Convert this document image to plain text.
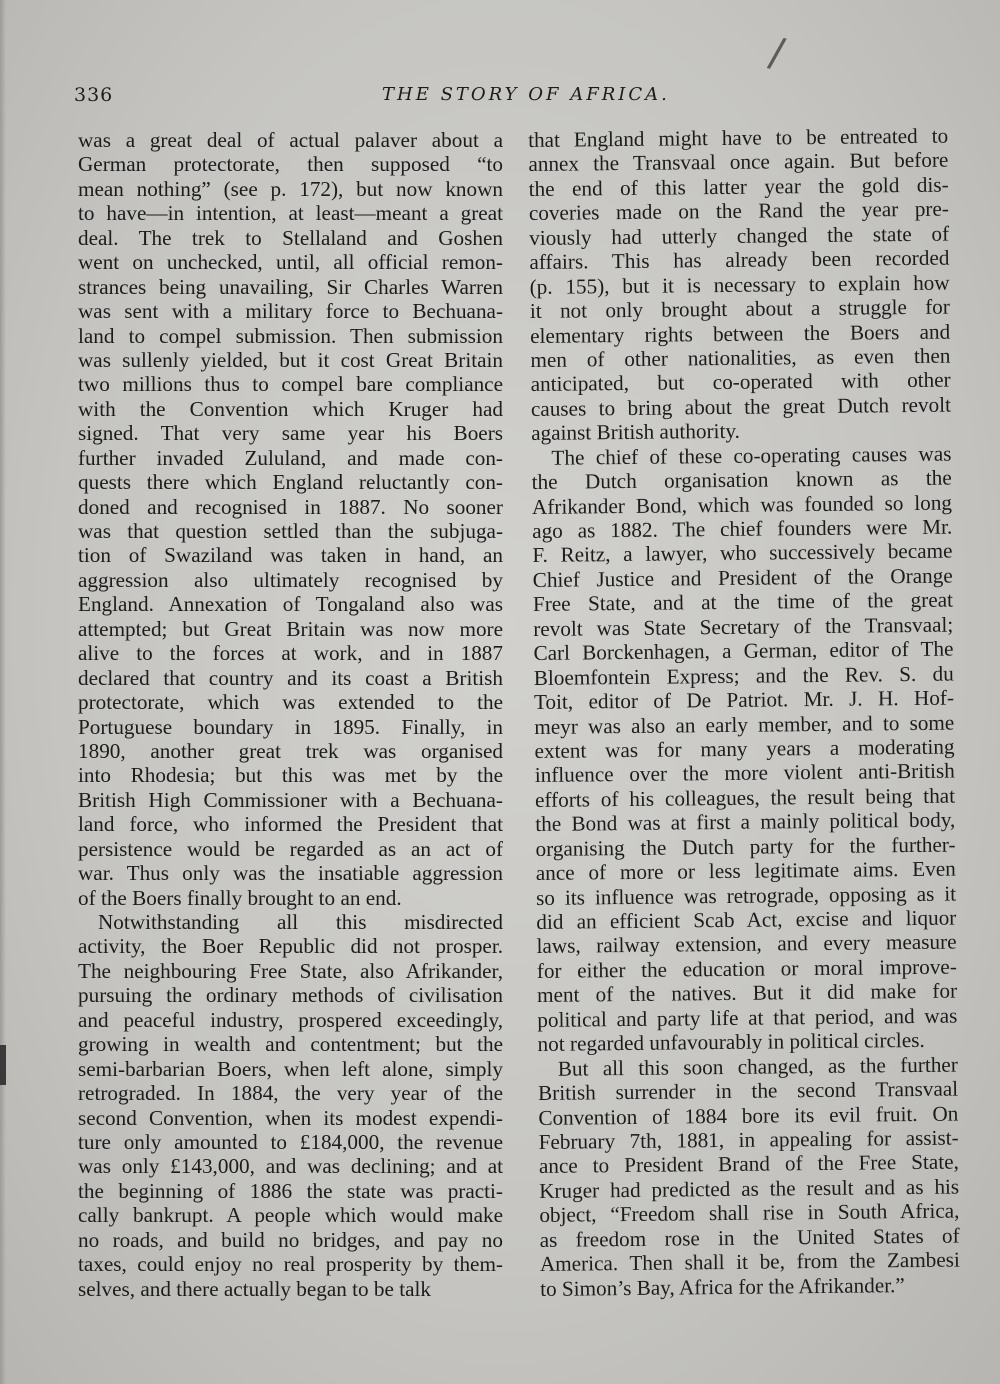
336	THE STORY OF AFRICA.
/
was a great deal of actual palaver about a
German protectorate, then supposed “to
mean nothing” (see p. 172), but now known
to have—in intention, at least—meant a great
deal. The trek to Stellaland and Goshen
went on unchecked, until, all official remon-
strances being unavailing, Sir Charles Warren
was sent with a military force to Bechuana-
land to compel submission. Then submission
was sullenly yielded, but it cost Great Britain
two millions thus to compel bare compliance
with the Convention which Kruger had
signed. That very same year his Boers
further invaded Zululand, and made con-
quests there which England reluctantly con-
doned and recognised in 1887. No sooner
was that question settled than the subjuga-
tion of Swaziland was taken in hand, an
aggression also ultimately recognised by
England. Annexation of Tongaland also was
attempted; but Great Britain was now more
alive to the forces at work, and in 1887
declared that country and its coast a British
protectorate, which was extended to the
Portuguese boundary in 1895. Finally, in
1890, another great trek was organised
into Rhodesia; but this was met by the
British High Commissioner with a Bechuana-
land force, who informed the President that
persistence would be regarded as an act of
war. Thus only was the insatiable aggression
of the Boers finally brought to an end.
Notwithstanding all this misdirected
activity, the Boer Republic did not prosper.
The neighbouring Free State, also Afrikander,
pursuing the ordinary methods of civilisation
and peaceful industry, prospered exceedingly,
growing in wealth and contentment; but the
semi-barbarian Boers, when left alone, simply
retrograded. In 1884, the very year of the
second Convention, when its modest expendi-
ture only amounted to £184,000, the revenue
was only £143,000, and was declining; and at
the beginning of 1886 the state was practi-
cally bankrupt. A people which would make
no roads, and build no bridges, and pay no
taxes, could enjoy no real prosperity by them-
selves, and there actually began to be talk
that England might have to be entreated to
annex the Transvaal once again. But before
the end of this latter year the gold dis-
coveries made on the Rand the year pre-
viously had utterly changed the state of
affairs. This has already been recorded
(p. 155), but it is necessary to explain how
it not only brought about a struggle for
elementary rights between the Boers and
men of other nationalities, as even then
anticipated, but co-operated with other
causes to bring about the great Dutch revolt
against British authority.
The chief of these co-operating causes was
the Dutch organisation known as the
Afrikander Bond, which was founded so long
ago as 1882. The chief founders were Mr.
F. Reitz, a lawyer, who successively became
Chief Justice and President of the Orange
Free State, and at the time of the great
revolt was State Secretary of the Transvaal;
Carl Borckenhagen, a German, editor of The
Bloemfontein Express; and the Rev. S. du
Toit, editor of De Patriot. Mr. J. H. Hof-
meyr was also an early member, and to some
extent was for many years a moderating
influence over the more violent anti-British
efforts of his colleagues, the result being that
the Bond was at first a mainly political body,
organising the Dutch party for the further-
ance of more or less legitimate aims. Even
so its influence was retrograde, opposing as it
did an efficient Scab Act, excise and liquor
laws, railway extension, and every measure
for either the education or moral improve-
ment of the natives. But it did make for
political and party life at that period, and was
not regarded unfavourably in political circles.
But all this soon changed, as the further
British surrender in the second Transvaal
Convention of 1884 bore its evil fruit. On
February 7th, 1881, in appealing for assist-
ance to President Brand of the Free State,
Kruger had predicted as the result and as his
object, “Freedom shall rise in South Africa,
as freedom rose in the United States of
America. Then shall it be, from the Zambesi
to Simon’s Bay, Africa for the Afrikander.”
